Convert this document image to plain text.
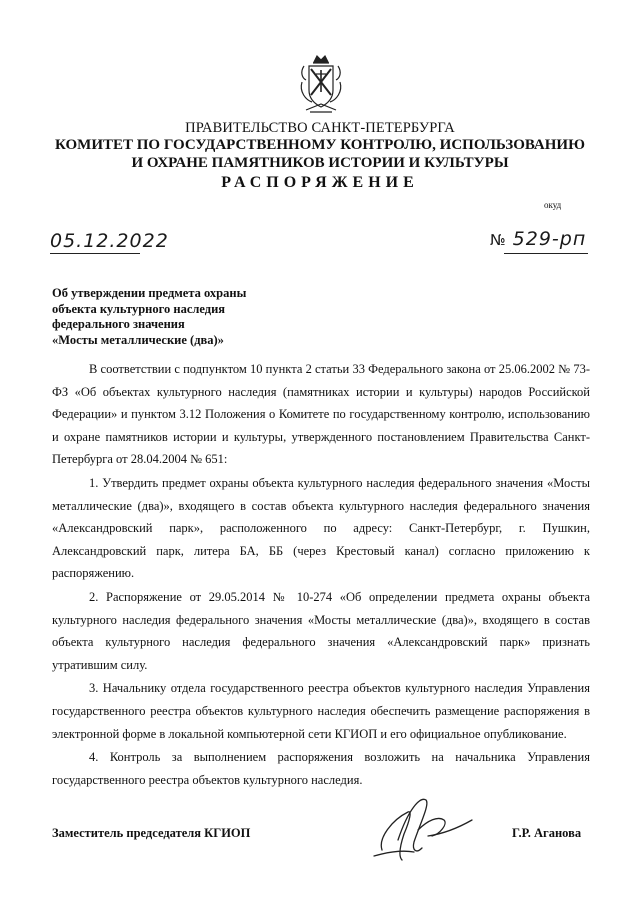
ПРАВИТЕЛЬСТВО САНКТ-ПЕТЕРБУРГА
КОМИТЕТ ПО ГОСУДАРСТВЕННОМУ КОНТРОЛЮ, ИСПОЛЬЗОВАНИЮ
И ОХРАНЕ ПАМЯТНИКОВ ИСТОРИИ И КУЛЬТУРЫ
РАСПОРЯЖЕНИЕ
окуд
05.12.2022	№ 529-рп
Об утверждении предмета охраны
объекта культурного наследия
федерального значения
«Мосты металлические (два)»

В соответствии с подпунктом 10 пункта 2 статьи 33 Федерального закона от 25.06.2002 № 73-ФЗ «Об объектах культурного наследия (памятниках истории и культуры) народов Российской Федерации» и пунктом 3.12 Положения о Комитете по государственному контролю, использованию и охране памятников истории и культуры, утвержденного постановлением Правительства Санкт-Петербурга от 28.04.2004 № 651:

1. Утвердить предмет охраны объекта культурного наследия федерального значения «Мосты металлические (два)», входящего в состав объекта культурного наследия федерального значения «Александровский парк», расположенного по адресу: Санкт-Петербург, г. Пушкин, Александровский парк, литера БА, ББ (через Крестовый канал) согласно приложению к распоряжению.

2. Распоряжение от 29.05.2014 № 10-274 «Об определении предмета охраны объекта культурного наследия федерального значения «Мосты металлические (два)», входящего в состав объекта культурного наследия федерального значения «Александровский парк» признать утратившим силу.

3. Начальнику отдела государственного реестра объектов культурного наследия Управления государственного реестра объектов культурного наследия обеспечить размещение распоряжения в электронной форме в локальной компьютерной сети КГИОП и его официальное опубликование.

4. Контроль за выполнением распоряжения возложить на начальника Управления государственного реестра объектов культурного наследия.

Заместитель председателя КГИОП	Г.Р. Аганова
